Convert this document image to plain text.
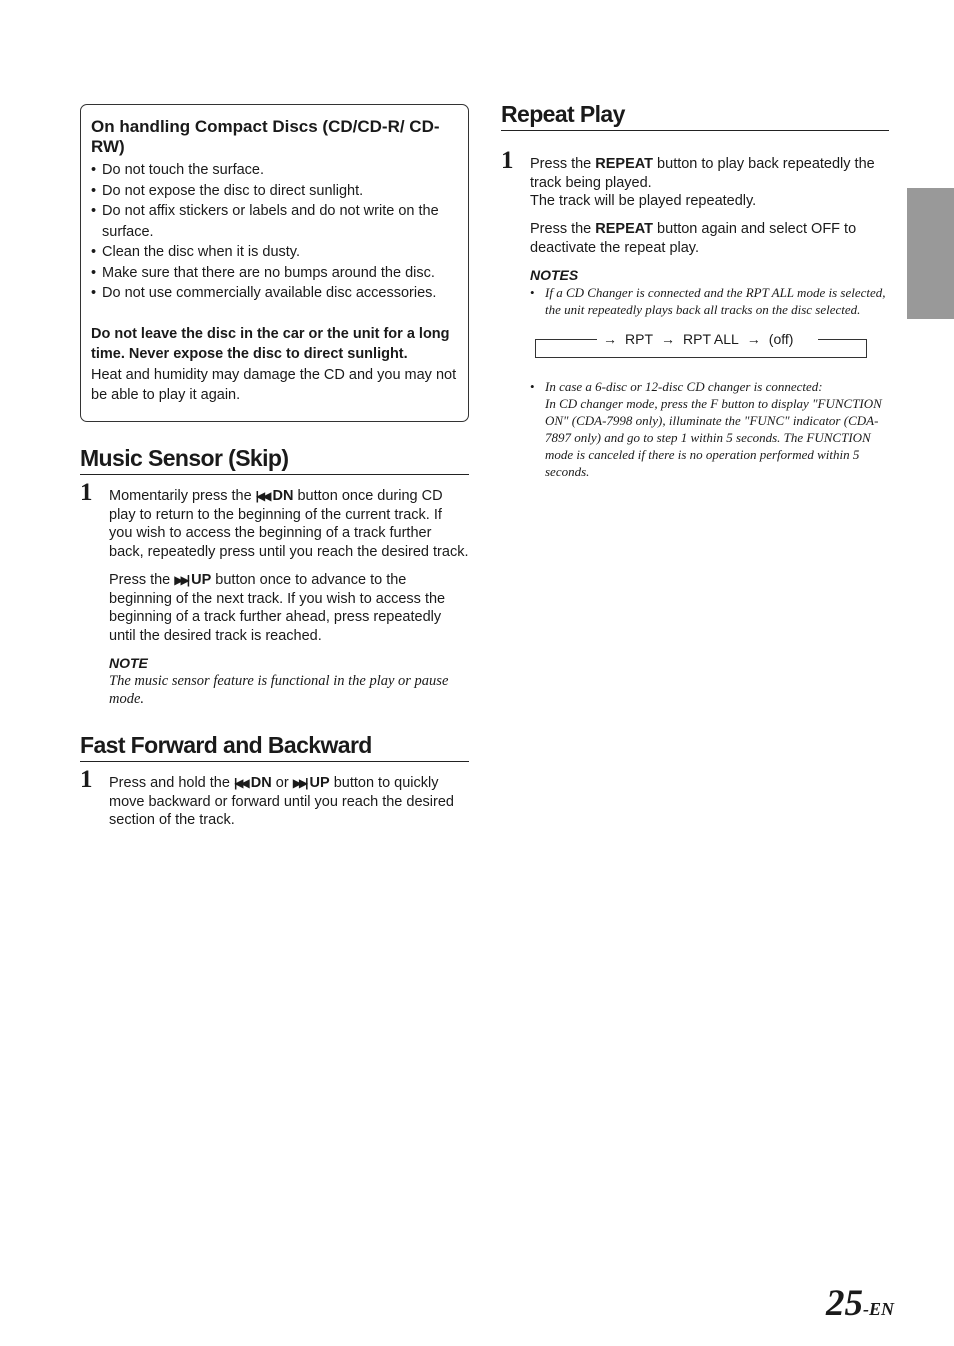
On handling Compact Discs (CD/CD-R/ CD-RW)
• Do not touch the surface.
• Do not expose the disc to direct sunlight.
• Do not affix stickers or labels and do not write on the surface.
• Clean the disc when it is dusty.
• Make sure that there are no bumps around the disc.
• Do not use commercially available disc accessories.

Do not leave the disc in the car or the unit for a long time. Never expose the disc to direct sunlight.

Heat and humidity may damage the CD and you may not be able to play it again.

Music Sensor (Skip)
1 Momentarily press the |◀◀ DN button once during CD play to return to the beginning of the current track. If you wish to access the beginning of a track further back, repeatedly press until you reach the desired track.

Press the ▶▶| UP button once to advance to the beginning of the next track. If you wish to access the beginning of a track further ahead, press repeatedly until the desired track is reached.

NOTE

The music sensor feature is functional in the play or pause mode.

Fast Forward and Backward
1 Press and hold the |◀◀ DN or ▶▶| UP button to quickly move backward or forward until you reach the desired section of the track.

Repeat Play
1 Press the REPEAT button to play back repeatedly the track being played.
The track will be played repeatedly.

Press the REPEAT button again and select OFF to deactivate the repeat play.

NOTES
• If a CD Changer is connected and the RPT ALL mode is selected, the unit repeatedly plays back all tracks on the disc selected.
→ RPT → RPT ALL → (off)
• In case a 6-disc or 12-disc CD changer is connected:
In CD changer mode, press the F button to display "FUNCTION ON" (CDA-7998 only), illuminate the "FUNC" indicator (CDA-7897 only) and go to step 1 within 5 seconds. The FUNCTION mode is canceled if there is no operation performed within 5 seconds.
25-EN
